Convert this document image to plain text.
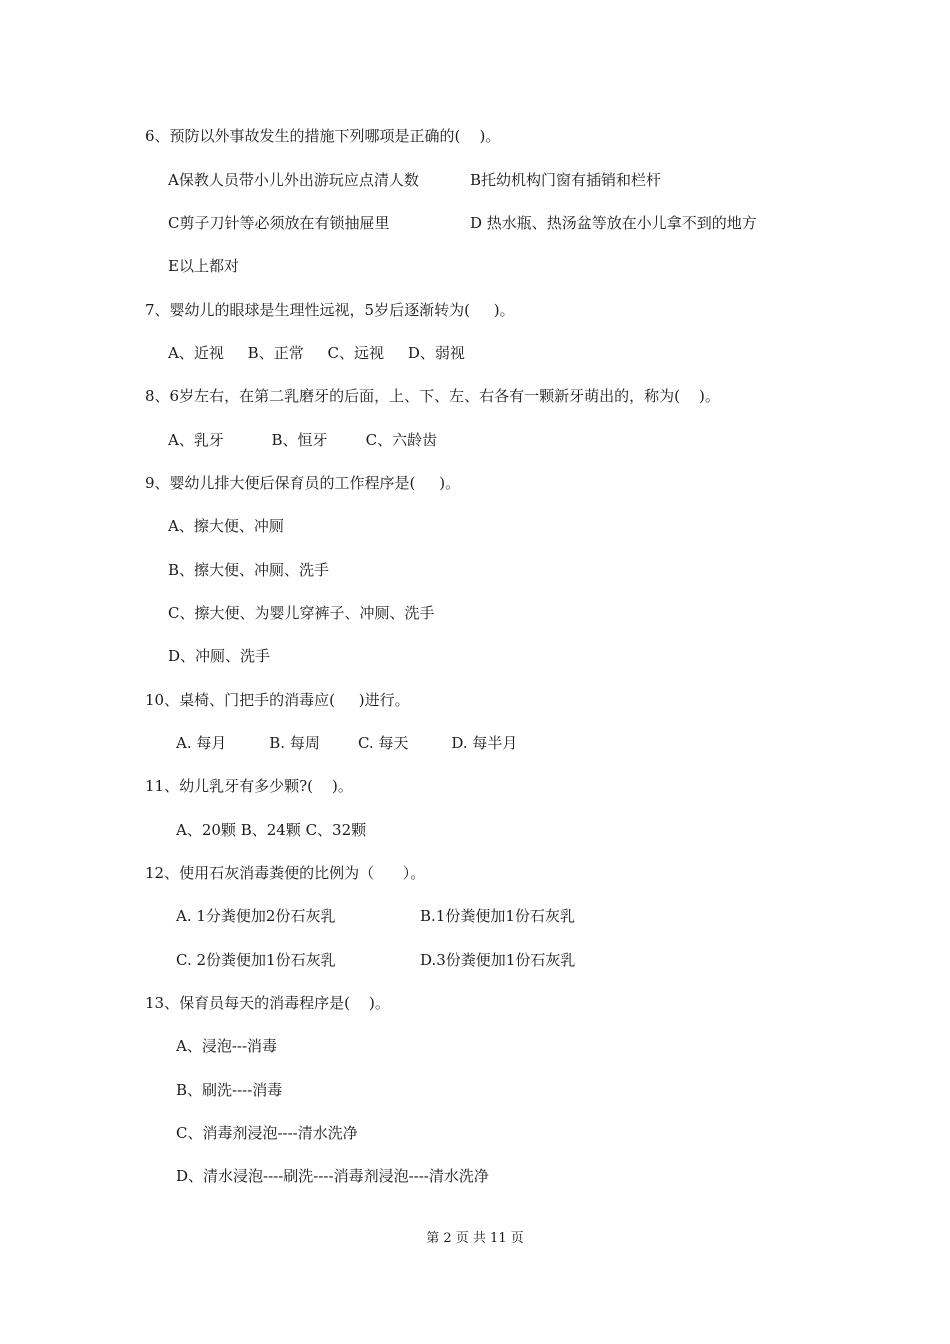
6、预防以外事故发生的措施下列哪项是正确的(    )。
A保教人员带小儿外出游玩应点清人数	B托幼机构门窗有插销和栏杆
C剪子刀针等必须放在有锁抽屉里	D 热水瓶、热汤盆等放在小儿拿不到的地方
E以上都对
7、婴幼儿的眼球是生理性远视，5岁后逐渐转为(     )。
A、近视     B、正常     C、远视     D、弱视
8、6岁左右，在第二乳磨牙的后面，上、下、左、右各有一颗新牙萌出的，称为(    )。
A、乳牙          B、恒牙        C、六龄齿
9、婴幼儿排大便后保育员的工作程序是(     )。
A、擦大便、冲厕
B、擦大便、冲厕、洗手
C、擦大便、为婴儿穿裤子、冲厕、洗手
D、冲厕、洗手
10、桌椅、门把手的消毒应(     )进行。
A. 每月         B. 每周        C. 每天         D. 每半月
11、幼儿乳牙有多少颗?(    )。
A、20颗 B、24颗 C、32颗
12、使用石灰消毒粪便的比例为（      ）。
A. 1分粪便加2份石灰乳	B.1份粪便加1份石灰乳
C. 2份粪便加1份石灰乳	D.3份粪便加1份石灰乳
13、保育员每天的消毒程序是(    )。
A、浸泡---消毒
B、刷洗----消毒
C、消毒剂浸泡----清水洗净
D、清水浸泡----刷洗----消毒剂浸泡----清水洗净
第 2 页 共 11 页
